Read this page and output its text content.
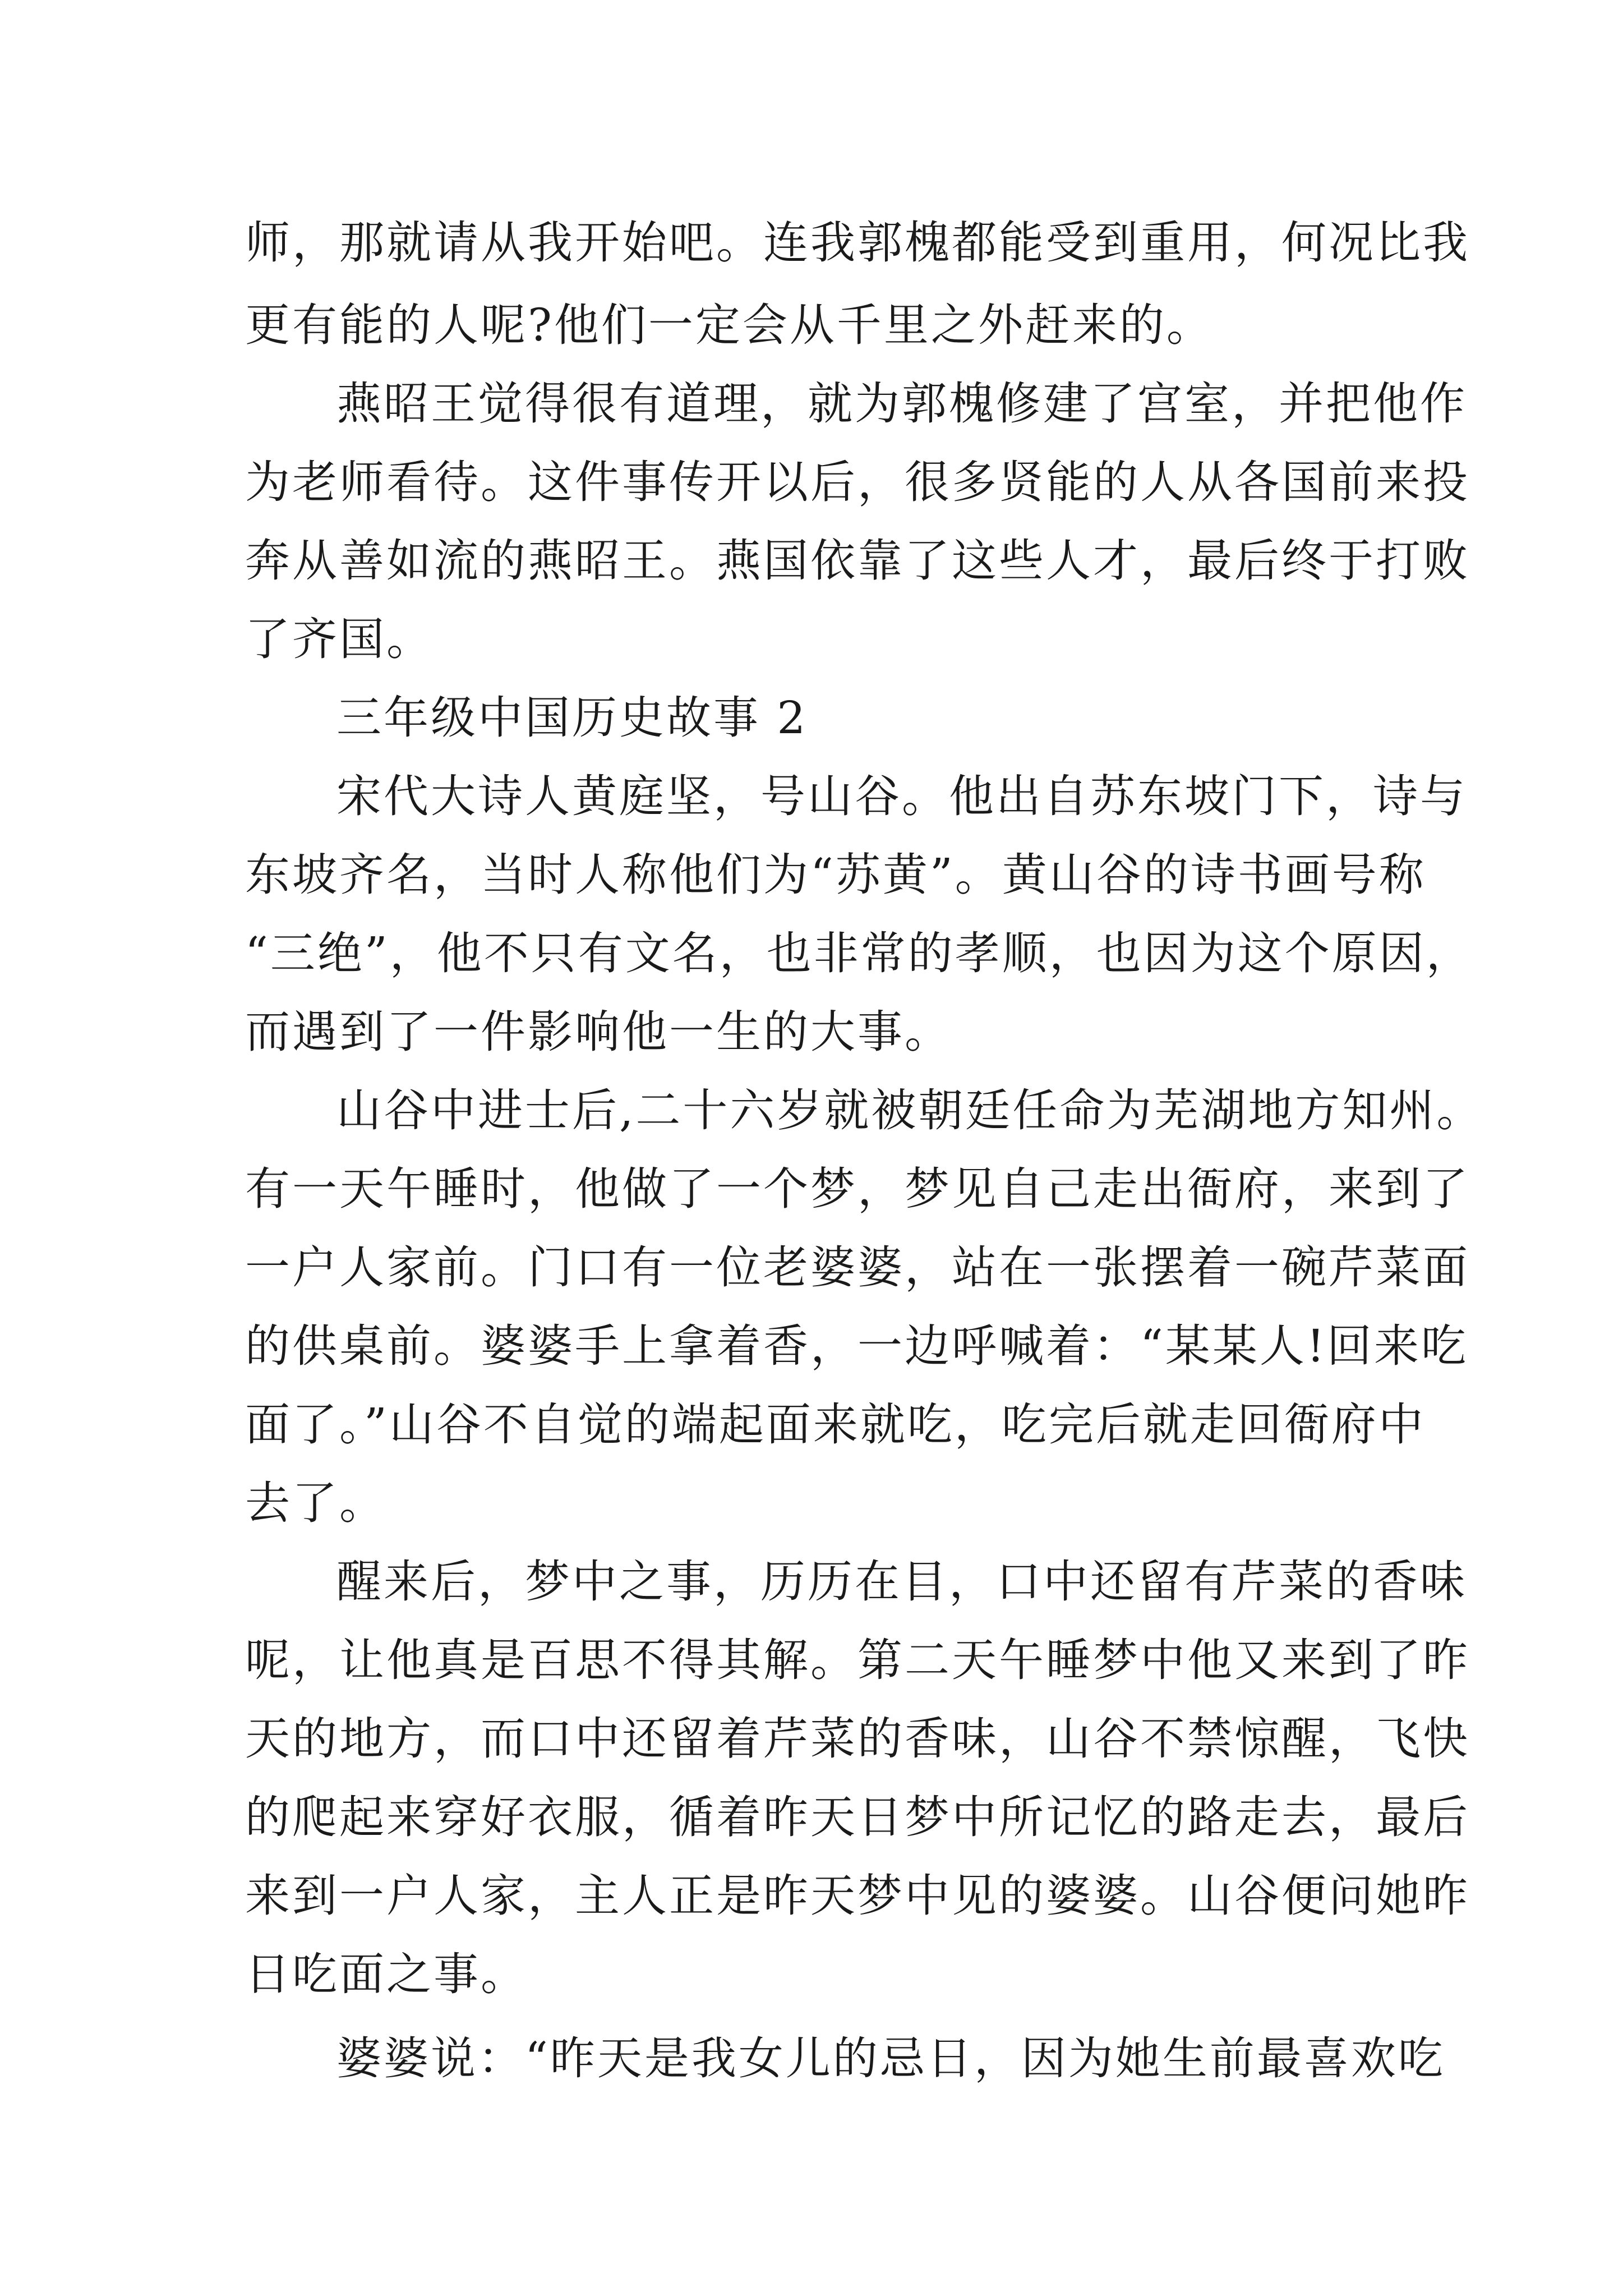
师，那就请从我开始吧。连我郭槐都能受到重用，何况比我

更有能的人呢?他们一定会从千里之外赶来的。

燕昭王觉得很有道理，就为郭槐修建了宫室，并把他作

为老师看待。这件事传开以后，很多贤能的人从各国前来投

奔从善如流的燕昭王。燕国依靠了这些人才，最后终于打败

了齐国。

三年级中国历史故事 2

宋代大诗人黄庭坚，号山谷。他出自苏东坡门下，诗与

东坡齐名，当时人称他们为“苏黄”。黄山谷的诗书画号称

“三绝”，他不只有文名，也非常的孝顺，也因为这个原因，

而遇到了一件影响他一生的大事。

山谷中进士后,二十六岁就被朝廷任命为芜湖地方知州。

有一天午睡时，他做了一个梦，梦见自己走出衙府，来到了

一户人家前。门口有一位老婆婆，站在一张摆着一碗芹菜面

的供桌前。婆婆手上拿着香，一边呼喊着：“某某人!回来吃

面了。”山谷不自觉的端起面来就吃，吃完后就走回衙府中

去了。

醒来后，梦中之事，历历在目，口中还留有芹菜的香味

呢，让他真是百思不得其解。第二天午睡梦中他又来到了昨

天的地方，而口中还留着芹菜的香味，山谷不禁惊醒，飞快

的爬起来穿好衣服，循着昨天日梦中所记忆的路走去，最后

来到一户人家，主人正是昨天梦中见的婆婆。山谷便问她昨

日吃面之事。

婆婆说：“昨天是我女儿的忌日，因为她生前最喜欢吃
